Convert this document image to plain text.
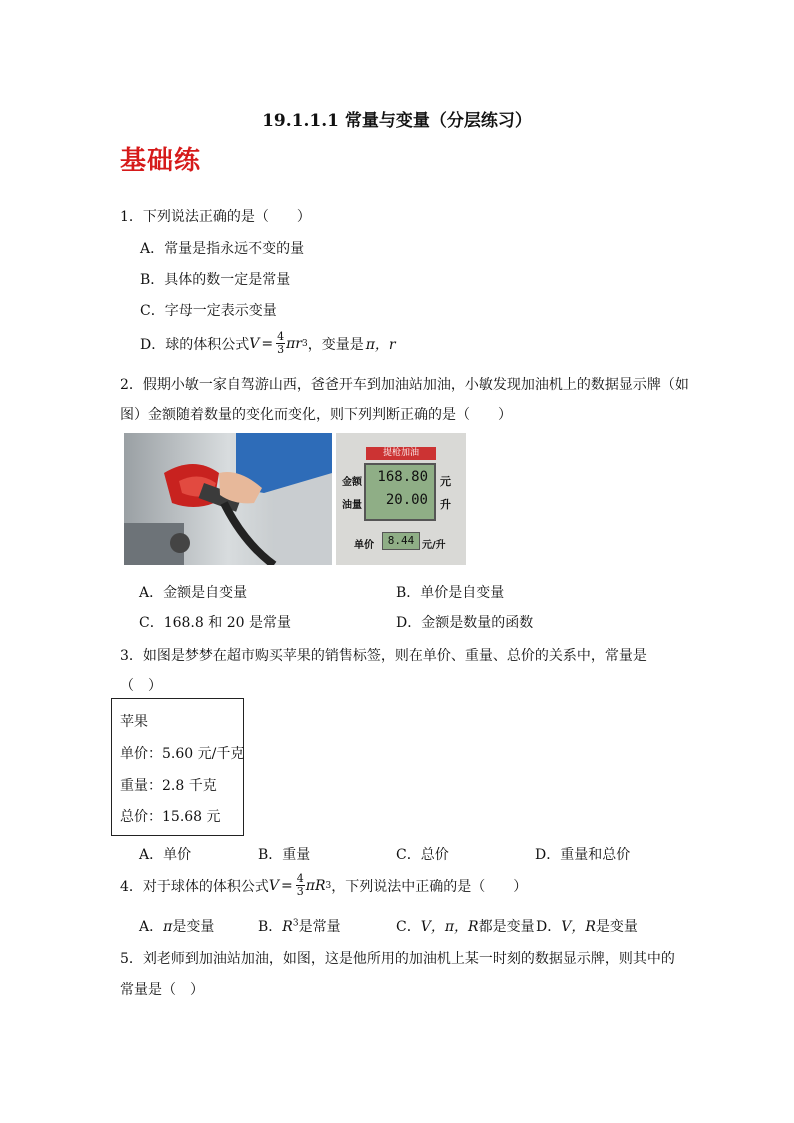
19.1.1.1 常量与变量（分层练习）
基础练
1．下列说法正确的是（　　）
A．常量是指永远不变的量
B．具体的数一定是常量
C．字母一定表示变量
D．球的体积公式 $V = \frac{4}{3}$ πr 3 ，变量是 π，r
2．假期小敏一家自驾游山西，爸爸开车到加油站加油，小敏发现加油机上的数据显示牌（如
图）金额随着数量的变化而变化，则下列判断正确的是（　　）
提枪加油
金额	168.80 元
油量	20.00 升
单价	8.44 元/升
A．金额是自变量	B．单价是自变量
C．168.8 和 20 是常量	D．金额是数量的函数
3．如图是梦梦在超市购买苹果的销售标签，则在单价、重量、总价的关系中，常量是
（　）
苹果
单价：5.60 元/千克
重量：2.8 千克
总价：15.68 元
A．单价	B．重量	C．总价	D．重量和总价
4．对于球体的体积公式 $V = \frac{4}{3}$ πR 3 ，下列说法中正确的是（　　）
A．π是变量	B．$R^3$是常量	C．V，π，R都是变量 D．V，R是变量
5．刘老师到加油站加油，如图，这是他所用的加油机上某一时刻的数据显示牌，则其中的
常量是（　）
